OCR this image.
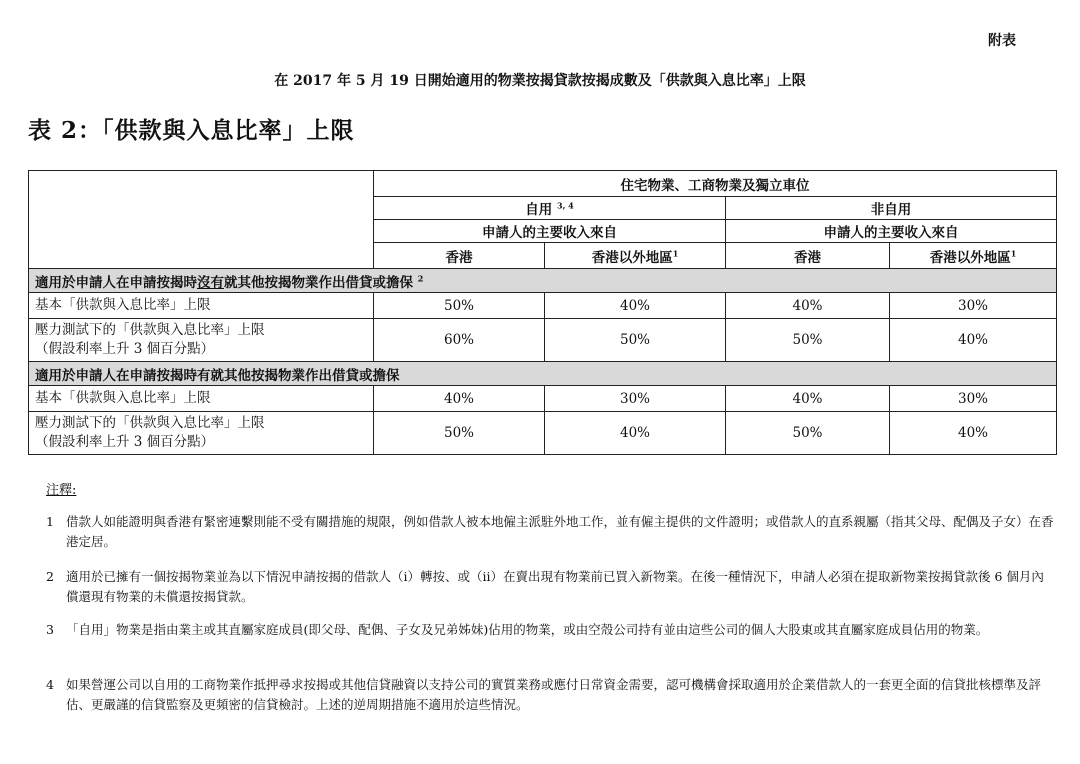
附表
在 2017 年 5 月 19 日開始適用的物業按揭貸款按揭成數及「供款與入息比率」上限
表 2：「供款與入息比率」上限
	住宅物業、工商物業及獨立車位			
	自用 $^{3, 4}$		非自用	
	申請人的主要收入來自		申請人的主要收入來自	
	香港	香港以外地區$^1$	香港	香港以外地區$^1$
適用於申請人在申請按揭時沒有就其他按揭物業作出借貸或擔保 $^2$
基本「供款與入息比率」上限	50%	40%	40%	30%
壓力測試下的「供款與入息比率」上限
（假設利率上升 3 個百分點）	60%	50%	50%	40%
適用於申請人在申請按揭時有就其他按揭物業作出借貸或擔保				
基本「供款與入息比率」上限	40%	30%	40%	30%
壓力測試下的「供款與入息比率」上限
（假設利率上升 3 個百分點）	50%	40%	50%	40%
注釋:
1 借款人如能證明與香港有緊密連繫則能不受有關措施的規限，例如借款人被本地僱主派駐外地工作，並有僱主提供的文件證明；或借款人的直系親屬（指其父母、配偶及子女）在香港定居。
2 適用於已擁有一個按揭物業並為以下情況申請按揭的借款人（i）轉按、或（ii）在賣出現有物業前已買入新物業。在後一種情況下，申請人必須在提取新物業按揭貸款後 6 個月內償還現有物業的未償還按揭貸款。
3 「自用」物業是指由業主或其直屬家庭成員(即父母、配偶、子女及兄弟姊妹)佔用的物業，或由空殼公司持有並由這些公司的個人大股東或其直屬家庭成員佔用的物業。
4 如果營運公司以自用的工商物業作抵押尋求按揭或其他信貸融資以支持公司的實質業務或應付日常資金需要，認可機構會採取適用於企業借款人的一套更全面的信貸批核標準及評估、更嚴謹的信貸監察及更頻密的信貸檢討。上述的逆周期措施不適用於這些情況。
